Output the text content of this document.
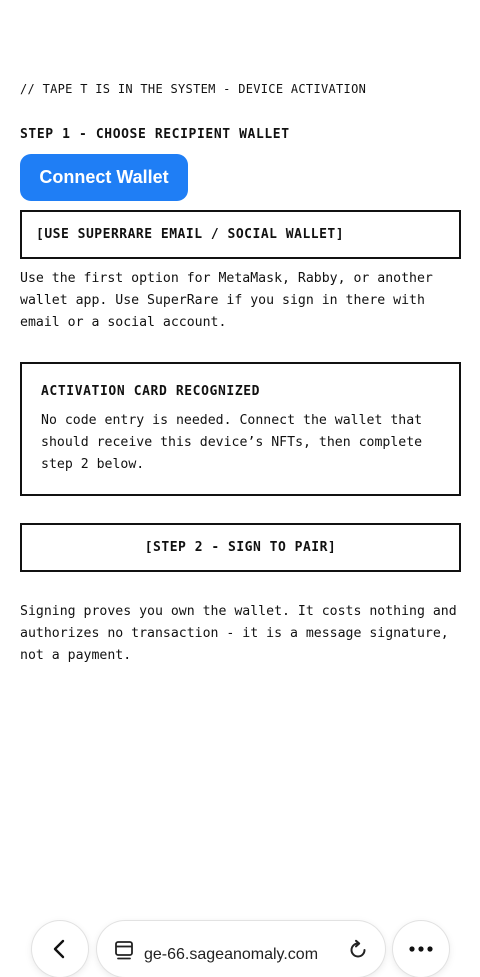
// TAPE T IS IN THE SYSTEM - DEVICE ACTIVATION
STEP 1 - CHOOSE RECIPIENT WALLET
Connect Wallet
[USE SUPERRARE EMAIL / SOCIAL WALLET]
Use the first option for MetaMask, Rabby, or another wallet app. Use SuperRare if you sign in there with email or a social account.
ACTIVATION CARD RECOGNIZED
No code entry is needed. Connect the wallet that should receive this device’s NFTs, then complete step 2 below.
[STEP 2 - SIGN TO PAIR]
Signing proves you own the wallet. It costs nothing and authorizes no transaction - it is a message signature, not a payment.
ge-66.sageanomaly.com
